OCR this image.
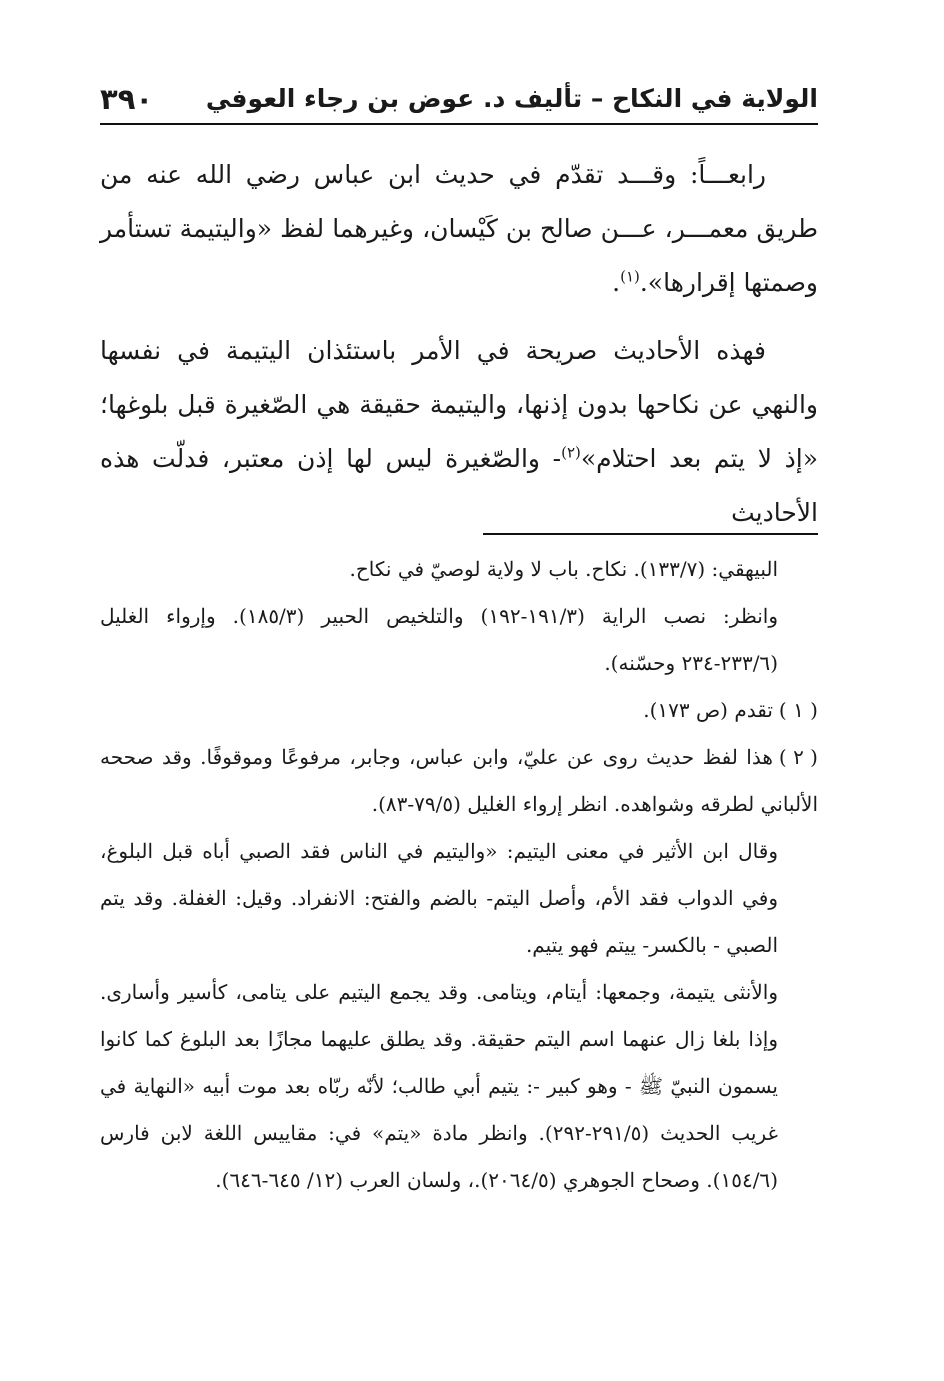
الولاية في النكاح – تأليف د. عوض بن رجاء العوفي
٣٩٠

رابعـــاً: وقـــد تقدّم في حديث ابن عباس رضي الله عنه من طريق معمـــر، عـــن صالح بن كَيْسان، وغيرهما لفظ «واليتيمة تستأمر وصمتها إقرارها».$^{(١)}$.

فهذه الأحاديث صريحة في الأمر باستئذان اليتيمة في نفسها والنهي عن نكاحها بدون إذنها، واليتيمة حقيقة هي الصّغيرة قبل بلوغها؛ «إذ لا يتم بعد احتلام»$^{(٢)}$- والصّغيرة ليس لها إذن معتبر، فدلّت هذه الأحاديث

البيهقي: (١٣٣/٧). نكاح. باب لا ولاية لوصيّ في نكاح.

وانظر: نصب الراية (١٩١/٣-١٩٢) والتلخيص الحبير (١٨٥/٣). وإرواء الغليل (٢٣٣/٦-٢٣٤ وحسّنه).

( ١ )تقدم (ص ١٧٣).

( ٢ )هذا لفظ حديث روى عن عليّ، وابن عباس، وجابر، مرفوعًا وموقوفًا. وقد صححه الألباني لطرقه وشواهده. انظر إرواء الغليل (٧٩/٥-٨٣).

وقال ابن الأثير في معنى اليتيم: «واليتيم في الناس فقد الصبي أباه قبل البلوغ، وفي الدواب فقد الأم، وأصل اليتم- بالضم والفتح: الانفراد. وقيل: الغفلة. وقد يتم الصبي - بالكسر- ييتم فهو يتيم.

والأنثى يتيمة، وجمعها: أيتام، ويتامى. وقد يجمع اليتيم على يتامى، كأسير وأسارى. وإذا بلغا زال عنهما اسم اليتم حقيقة. وقد يطلق عليهما مجازًا بعد البلوغ كما كانوا يسمون النبيّ ﷺ - وهو كبير -: يتيم أبي طالب؛ لأنّه ربّاه بعد موت أبيه «النهاية في غريب الحديث (٢٩١/٥-٢٩٢). وانظر مادة «يتم» في: مقاييس اللغة لابن فارس (١٥٤/٦). وصحاح الجوهري (٢٠٦٤/٥).، ولسان العرب (١٢/ ٦٤٥-٦٤٦).
